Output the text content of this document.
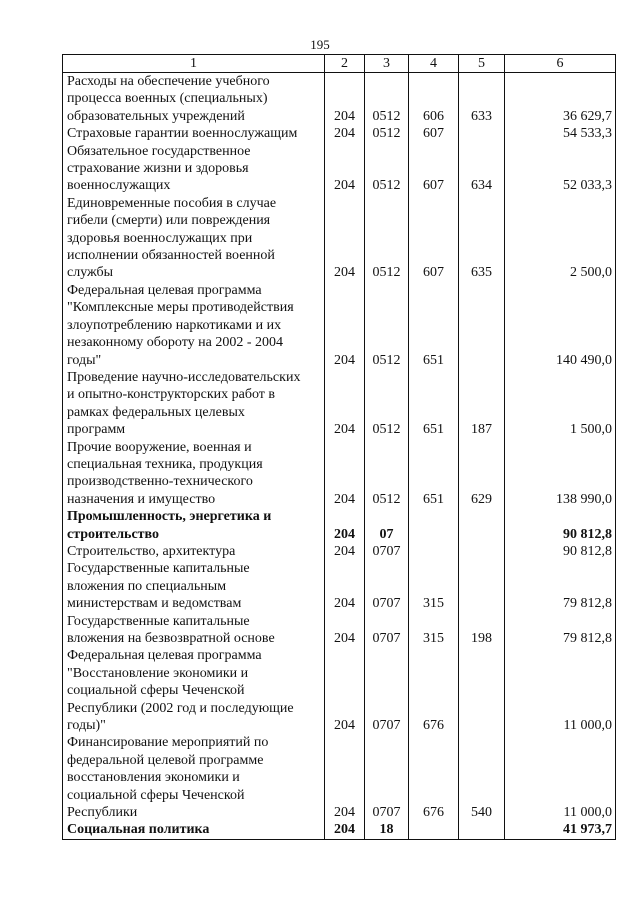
195
1	2	3	4	5	6
Расходы на обеспечение учебного
процесса военных (специальных)
образовательных учреждений	204	0512	606	633	36 629,7
Страховые гарантии военнослужащим	204	0512	607		54 533,3
Обязательное государственное
страхование жизни и здоровья
военнослужащих	204	0512	607	634	52 033,3
Единовременные пособия в случае
гибели (смерти) или повреждения
здоровья военнослужащих при
исполнении обязанностей военной
службы	204	0512	607	635	2 500,0
Федеральная целевая программа
"Комплексные меры противодействия
злоупотреблению наркотиками и их
незаконному обороту на 2002 - 2004
годы"	204	0512	651		140 490,0
Проведение научно-исследовательских
и опытно-конструкторских работ в
рамках федеральных целевых
программ	204	0512	651	187	1 500,0
Прочие вооружение, военная и
специальная техника, продукция
производственно-технического
назначения и имущество	204	0512	651	629	138 990,0
Промышленность, энергетика и
строительство	204	07			90 812,8
Строительство, архитектура	204	0707			90 812,8
Государственные капитальные
вложения по специальным
министерствам и ведомствам	204	0707	315		79 812,8
Государственные капитальные
вложения на безвозвратной основе	204	0707	315	198	79 812,8
Федеральная целевая программа
"Восстановление экономики и
социальной сферы Чеченской
Республики (2002 год и последующие
годы)"	204	0707	676		11 000,0
Финансирование мероприятий по
федеральной целевой программе
восстановления экономики и
социальной сферы Чеченской
Республики	204	0707	676	540	11 000,0
Социальная политика	204	18			41 973,7
